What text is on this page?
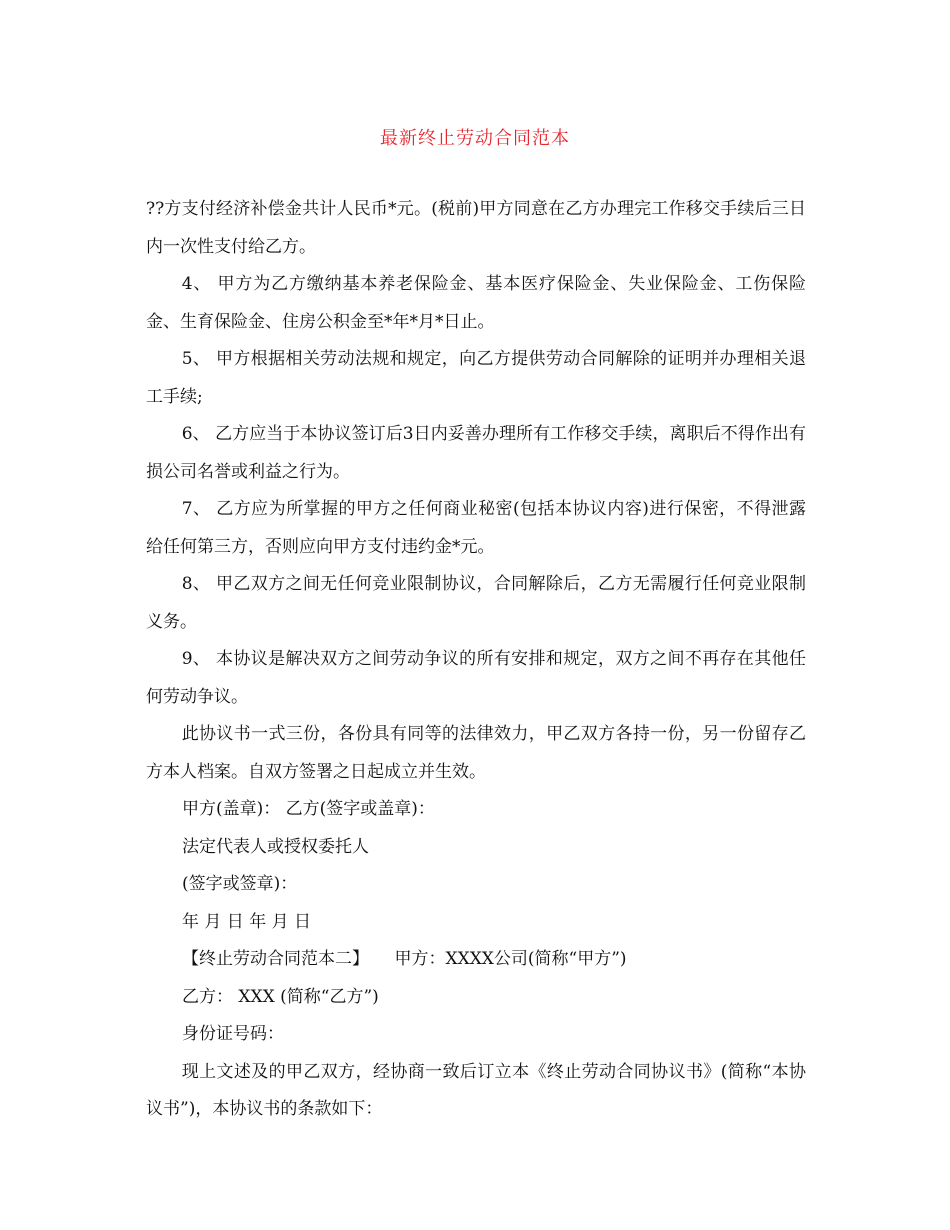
最新终止劳动合同范本

??方支付经济补偿金共计人民币*元。(税前)甲方同意在乙方办理完工作移交手续后三日内一次性支付给乙方。

4、 甲方为乙方缴纳基本养老保险金、基本医疗保险金、失业保险金、工伤保险金、生育保险金、住房公积金至*年*月*日止。

5、 甲方根据相关劳动法规和规定，向乙方提供劳动合同解除的证明并办理相关退工手续;

6、 乙方应当于本协议签订后3日内妥善办理所有工作移交手续，离职后不得作出有损公司名誉或利益之行为。

7、 乙方应为所掌握的甲方之任何商业秘密(包括本协议内容)进行保密，不得泄露给任何第三方，否则应向甲方支付违约金*元。

8、 甲乙双方之间无任何竞业限制协议，合同解除后，乙方无需履行任何竞业限制义务。

9、 本协议是解决双方之间劳动争议的所有安排和规定，双方之间不再存在其他任何劳动争议。

此协议书一式三份，各份具有同等的法律效力，甲乙双方各持一份，另一份留存乙方本人档案。自双方签署之日起成立并生效。

甲方(盖章)： 乙方(签字或盖章)：

法定代表人或授权委托人

(签字或签章)：

年 月 日 年 月 日

【终止劳动合同范本二】　　甲方：XXXX公司(简称“甲方”)

乙方： XXX (简称“乙方”)

身份证号码：

现上文述及的甲乙双方，经协商一致后订立本《终止劳动合同协议书》(简称“本协议书”)，本协议书的条款如下：
